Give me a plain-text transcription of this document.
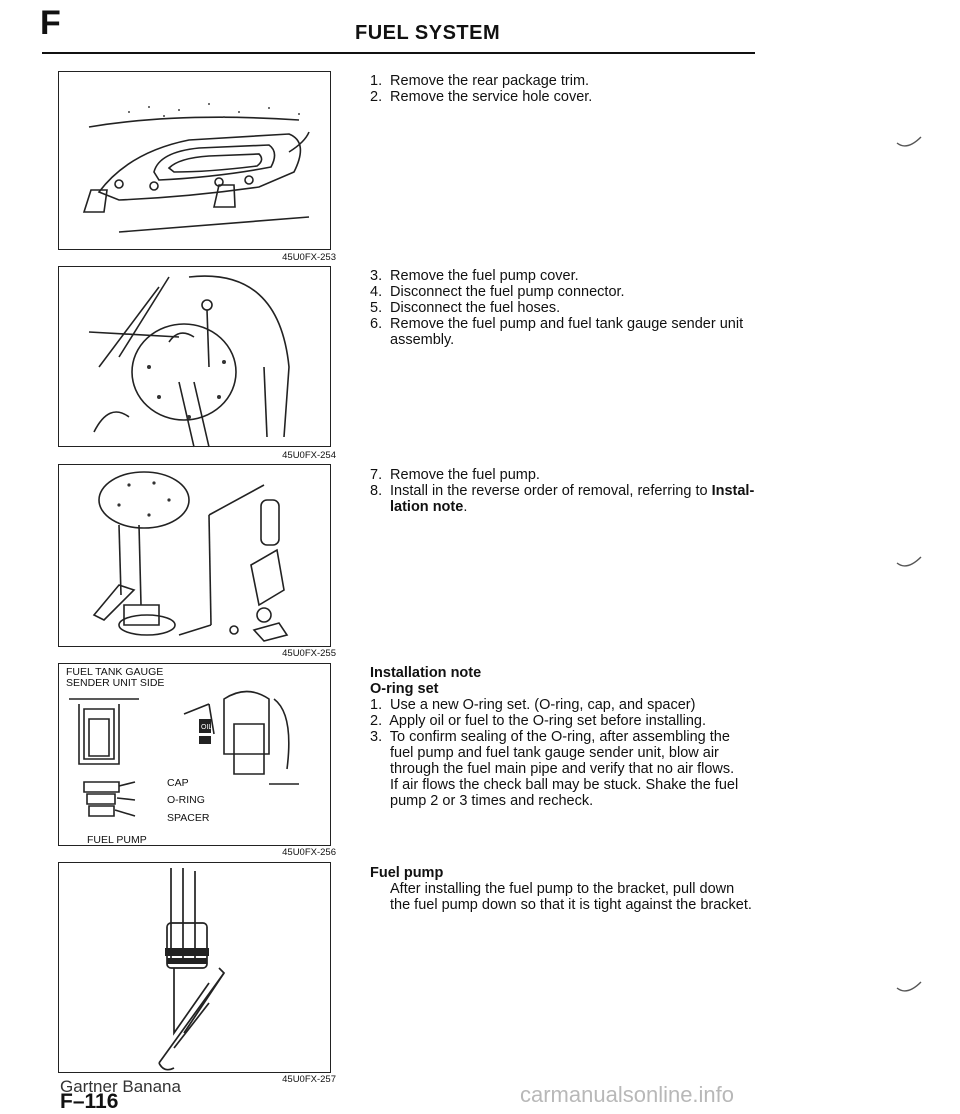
F	FUEL SYSTEM
45U0FX-253
45U0FX-254
45U0FX-255
OIL
FUEL TANK GAUGE
SENDER UNIT SIDE
CAP
O-RING
SPACER
FUEL PUMP
45U0FX-256
45U0FX-257
1. Remove the rear package trim.
2. Remove the service hole cover.
3. Remove the fuel pump cover.
4. Disconnect the fuel pump connector.
5. Disconnect the fuel hoses.
6. Remove the fuel pump and fuel tank gauge sender unit
assembly.
7. Remove the fuel pump.
8. Install in the reverse order of removal, referring to Instal-
lation note.
Installation note
O-ring set
1. Use a new O-ring set. (O-ring, cap, and spacer)
2. Apply oil or fuel to the O-ring set before installing.
3. To confirm sealing of the O-ring, after assembling the
fuel pump and fuel tank gauge sender unit, blow air
through the fuel main pipe and verify that no air flows.
If air flows the check ball may be stuck. Shake the fuel
pump 2 or 3 times and recheck.
Fuel pump
After installing the fuel pump to the bracket, pull down
the fuel pump down so that it is tight against the bracket.
Gartner Banana
F–116	carmanualsonline.info
